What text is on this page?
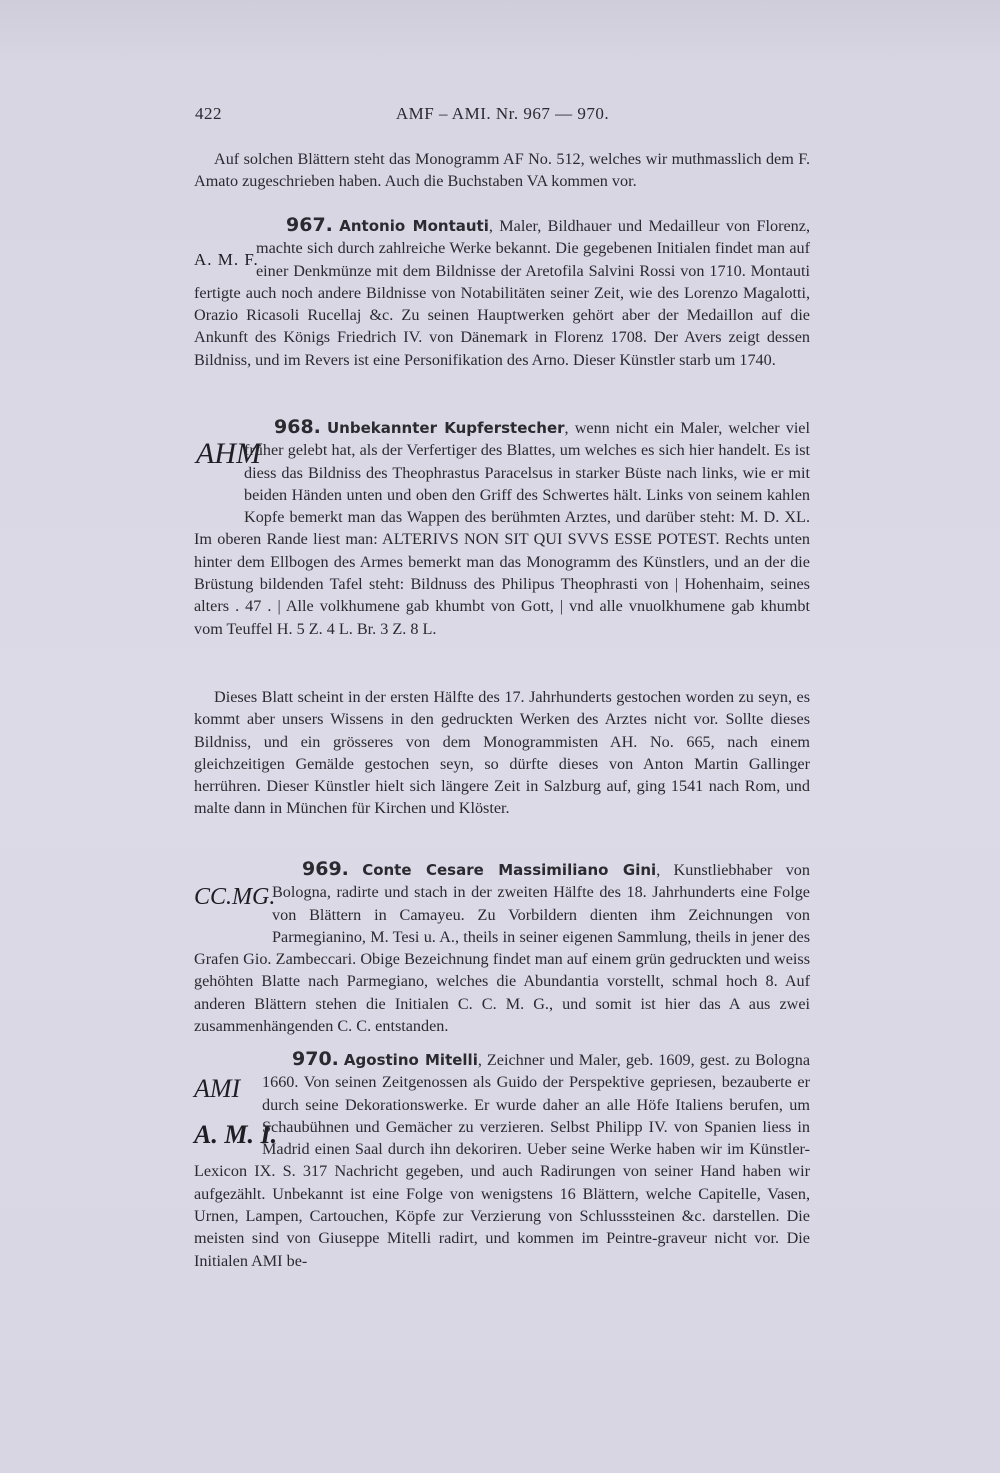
422	AMF – AMI. Nr. 967 — 970.

Auf solchen Blättern steht das Monogramm AF No. 512, welches wir muthmasslich dem F. Amato zugeschrieben haben. Auch die Buchstaben VA kommen vor.

A. M. F.

967. Antonio Montauti, Maler, Bildhauer und Medailleur von Florenz, machte sich durch zahlreiche Werke bekannt. Die gegebenen Initialen findet man auf einer Denkmünze mit dem Bildnisse der Aretofila Salvini Rossi von 1710. Montauti fertigte auch noch andere Bildnisse von Notabilitäten seiner Zeit, wie des Lorenzo Magalotti, Orazio Ricasoli Rucellaj &c. Zu seinen Hauptwerken gehört aber der Medaillon auf die Ankunft des Königs Friedrich IV. von Dänemark in Florenz 1708. Der Avers zeigt dessen Bildniss, und im Revers ist eine Personifikation des Arno. Dieser Künstler starb um 1740.

AHM

968. Unbekannter Kupferstecher, wenn nicht ein Maler, welcher viel früher gelebt hat, als der Verfertiger des Blattes, um welches es sich hier handelt. Es ist diess das Bildniss des Theophrastus Paracelsus in starker Büste nach links, wie er mit beiden Händen unten und oben den Griff des Schwertes hält. Links von seinem kahlen Kopfe bemerkt man das Wappen des berühmten Arztes, und darüber steht: M. D. XL. Im oberen Rande liest man: ALTERIVS NON SIT QUI SVVS ESSE POTEST. Rechts unten hinter dem Ellbogen des Armes bemerkt man das Monogramm des Künstlers, und an der die Brüstung bildenden Tafel steht: Bildnuss des Philipus Theophrasti von | Hohenhaim, seines alters . 47 . | Alle volkhumene gab khumbt von Gott, | vnd alle vnuolkhumene gab khumbt vom Teuffel H. 5 Z. 4 L. Br. 3 Z. 8 L.

Dieses Blatt scheint in der ersten Hälfte des 17. Jahrhunderts gestochen worden zu seyn, es kommt aber unsers Wissens in den gedruckten Werken des Arztes nicht vor. Sollte dieses Bildniss, und ein grösseres von dem Monogrammisten AH. No. 665, nach einem gleichzeitigen Gemälde gestochen seyn, so dürfte dieses von Anton Martin Gallinger herrühren. Dieser Künstler hielt sich längere Zeit in Salzburg auf, ging 1541 nach Rom, und malte dann in München für Kirchen und Klöster.

CC.MG.

969. Conte Cesare Massimiliano Gini, Kunstliebhaber von Bologna, radirte und stach in der zweiten Hälfte des 18. Jahrhunderts eine Folge von Blättern in Camayeu. Zu Vorbildern dienten ihm Zeichnungen von Parmegianino, M. Tesi u. A., theils in seiner eigenen Sammlung, theils in jener des Grafen Gio. Zambeccari. Obige Bezeichnung findet man auf einem grün gedruckten und weiss gehöhten Blatte nach Parmegiano, welches die Abundantia vorstellt, schmal hoch 8. Auf anderen Blättern stehen die Initialen C. C. M. G., und somit ist hier das A aus zwei zusammenhängenden C. C. entstanden.

AMI
A. M. I.

970. Agostino Mitelli, Zeichner und Maler, geb. 1609, gest. zu Bologna 1660. Von seinen Zeitgenossen als Guido der Perspektive gepriesen, bezauberte er durch seine Dekorationswerke. Er wurde daher an alle Höfe Italiens berufen, um Schaubühnen und Gemächer zu verzieren. Selbst Philipp IV. von Spanien liess in Madrid einen Saal durch ihn dekoriren. Ueber seine Werke haben wir im Künstler-Lexicon IX. S. 317 Nachricht gegeben, und auch Radirungen von seiner Hand haben wir aufgezählt. Unbekannt ist eine Folge von wenigstens 16 Blättern, welche Capitelle, Vasen, Urnen, Lampen, Cartouchen, Köpfe zur Verzierung von Schlusssteinen &c. darstellen. Die meisten sind von Giuseppe Mitelli radirt, und kommen im Peintre-graveur nicht vor. Die Initialen AMI be-
